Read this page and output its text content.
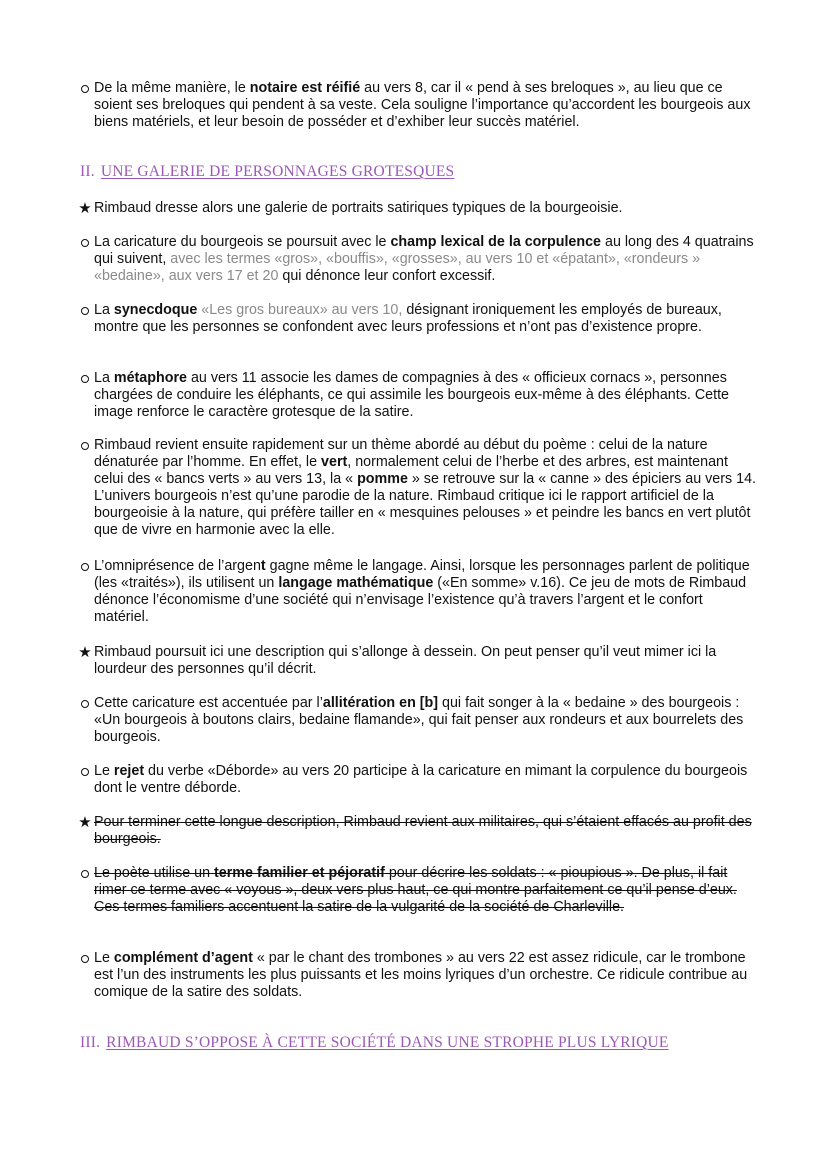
II. UNE GALERIE DE PERSONNAGES GROTESQUES
III. RIMBAUD S’OPPOSE À CETTE SOCIÉTÉ DANS UNE STROPHE PLUS LYRIQUE
De la même manière, le notaire est réifié au vers 8, car il « pend à ses breloques », au lieu que ce soient ses breloques qui pendent à sa veste. Cela souligne l’importance qu’accordent les bourgeois aux biens matériels, et leur besoin de posséder et d’exhiber leur succès matériel.
★ Rimbaud dresse alors une galerie de portraits satiriques typiques de la bourgeoisie.
La caricature du bourgeois se poursuit avec le champ lexical de la corpulence au long des 4 quatrains qui suivent, avec les termes «gros», «bouffis», «grosses», au vers 10 et «épatant», «rondeurs » «bedaine», aux vers 17 et 20 qui dénonce leur confort excessif.
La synecdoque «Les gros bureaux» au vers 10, désignant ironiquement les employés de bureaux, montre que les personnes se confondent avec leurs professions et n’ont pas d’existence propre.
La métaphore au vers 11 associe les dames de compagnies à des « officieux cornacs », personnes chargées de conduire les éléphants, ce qui assimile les bourgeois eux-même à des éléphants. Cette image renforce le caractère grotesque de la satire.
Rimbaud revient ensuite rapidement sur un thème abordé au début du poème : celui de la nature dénaturée par l’homme. En effet, le vert, normalement celui de l’herbe et des arbres, est maintenant celui des « bancs verts » au vers 13, la « pomme » se retrouve sur la « canne » des épiciers au vers 14. L’univers bourgeois n’est qu’une parodie de la nature. Rimbaud critique ici le rapport artificiel de la bourgeoisie à la nature, qui préfère tailler en « mesquines pelouses » et peindre les bancs en vert plutôt que de vivre en harmonie avec la elle.
L’omniprésence de l’argent gagne même le langage. Ainsi, lorsque les personnages parlent de politique (les «traités»), ils utilisent un langage mathématique («En somme» v.16). Ce jeu de mots de Rimbaud dénonce l’économisme d’une société qui n’envisage l’existence qu’à travers l’argent et le confort matériel.
★ Rimbaud poursuit ici une description qui s’allonge à dessein. On peut penser qu’il veut mimer ici la lourdeur des personnes qu’il décrit.
Cette caricature est accentuée par l’allitération en [b] qui fait songer à la « bedaine » des bourgeois : «Un bourgeois à boutons clairs, bedaine flamande», qui fait penser aux rondeurs et aux bourrelets des bourgeois.
Le rejet du verbe «Déborde» au vers 20 participe à la caricature en mimant la corpulence du bourgeois dont le ventre déborde.
★ Pour terminer cette longue description, Rimbaud revient aux militaires, qui s’étaient effacés au profit des bourgeois.
Le poète utilise un terme familier et péjoratif pour décrire les soldats : « pioupious ». De plus, il fait rimer ce terme avec « voyous », deux vers plus haut, ce qui montre parfaitement ce qu’il pense d’eux. Ces termes familiers accentuent la satire de la vulgarité de la société de Charleville.
Le complément d’agent « par le chant des trombones » au vers 22 est assez ridicule, car le trombone est l’un des instruments les plus puissants et les moins lyriques d’un orchestre. Ce ridicule contribue au comique de la satire des soldats.
